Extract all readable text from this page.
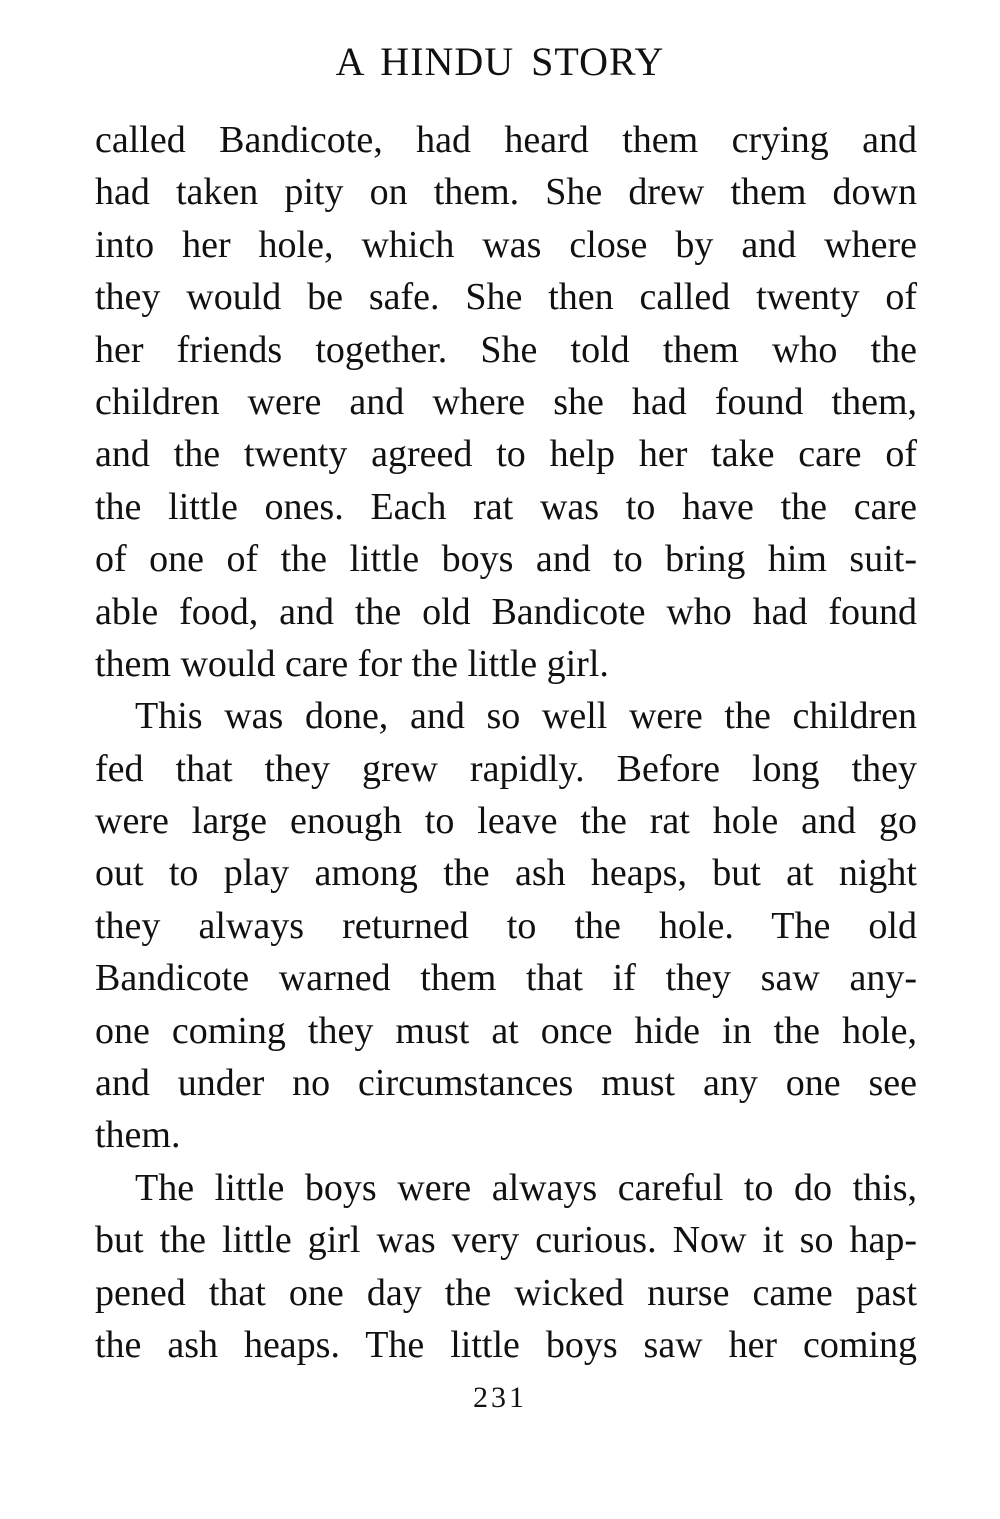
A HINDU STORY
called Bandicote, had heard them crying and
had taken pity on them. She drew them down
into her hole, which was close by and where
they would be safe. She then called twenty of
her friends together. She told them who the
children were and where she had found them,
and the twenty agreed to help her take care of
the little ones. Each rat was to have the care
of one of the little boys and to bring him suit-
able food, and the old Bandicote who had found
them would care for the little girl.
This was done, and so well were the children
fed that they grew rapidly. Before long they
were large enough to leave the rat hole and go
out to play among the ash heaps, but at night
they always returned to the hole. The old
Bandicote warned them that if they saw any-
one coming they must at once hide in the hole,
and under no circumstances must any one see
them.
The little boys were always careful to do this,
but the little girl was very curious. Now it so hap-
pened that one day the wicked nurse came past
the ash heaps. The little boys saw her coming
231
